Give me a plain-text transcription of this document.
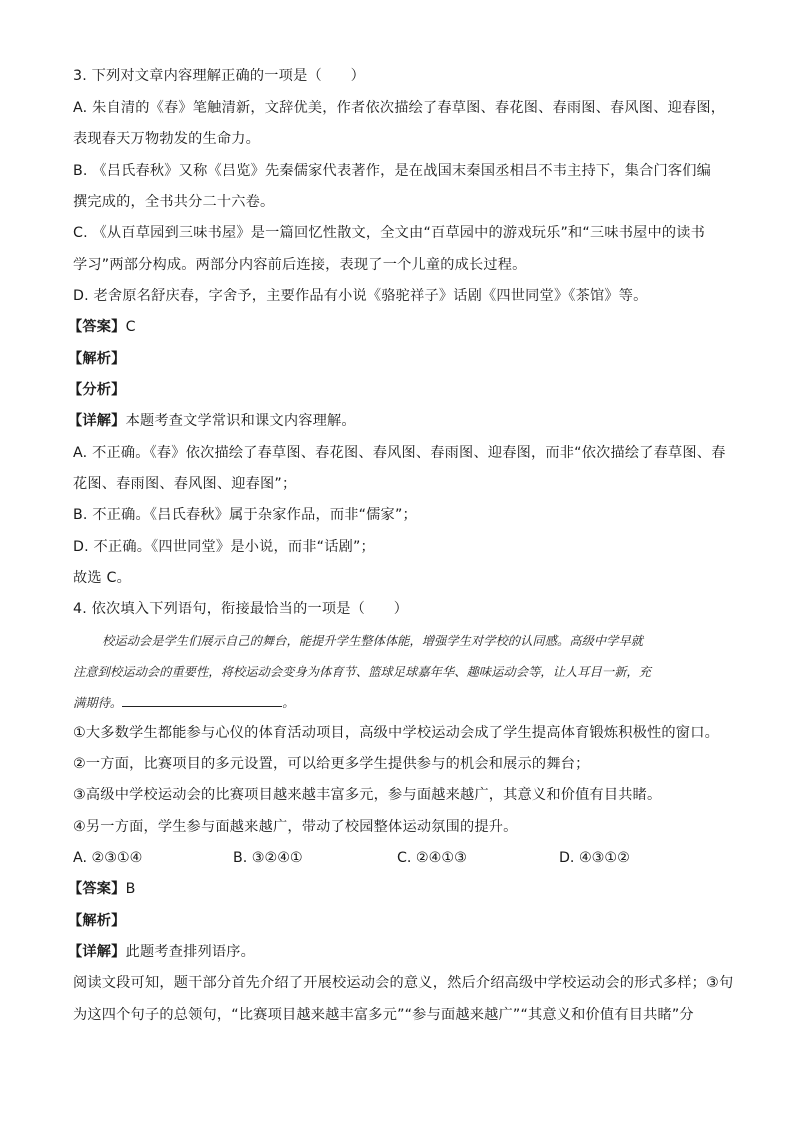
3. 下列对文章内容理解正确的一项是（　　）
A. 朱自清的《春》笔触清新，文辞优美，作者依次描绘了春草图、春花图、春雨图、春风图、迎春图，
表现春天万物勃发的生命力。
B. 《吕氏春秋》又称《吕览》先秦儒家代表著作，是在战国末秦国丞相吕不韦主持下，集合门客们编
撰完成的，全书共分二十六卷。
C. 《从百草园到三味书屋》是一篇回忆性散文，全文由“百草园中的游戏玩乐”和“三味书屋中的读书
学习”两部分构成。两部分内容前后连接，表现了一个儿童的成长过程。
D. 老舍原名舒庆春，字舍予，主要作品有小说《骆驼祥子》话剧《四世同堂》《茶馆》等。
【答案】C
【解析】
【分析】
【详解】本题考查文学常识和课文内容理解。
A. 不正确。《春》依次描绘了春草图、春花图、春风图、春雨图、迎春图，而非“依次描绘了春草图、春
花图、春雨图、春风图、迎春图”；
B. 不正确。《吕氏春秋》属于杂家作品，而非“儒家”；
D. 不正确。《四世同堂》是小说，而非“话剧”；
故选 C。
4. 依次填入下列语句，衔接最恰当的一项是（　　）
校运动会是学生们展示自己的舞台，能提升学生整体体能，增强学生对学校的认同感。高级中学早就
注意到校运动会的重要性，将校运动会变身为体育节、篮球足球嘉年华、趣味运动会等，让人耳目一新，充
满期待。	。
①大多数学生都能参与心仪的体育活动项目，高级中学校运动会成了学生提高体育锻炼积极性的窗口。
②一方面，比赛项目的多元设置，可以给更多学生提供参与的机会和展示的舞台；
③高级中学校运动会的比赛项目越来越丰富多元，参与面越来越广，其意义和价值有目共睹。
④另一方面，学生参与面越来越广，带动了校园整体运动氛围的提升。
A. ②③①④	B. ③②④①	C. ②④①③	D. ④③①②
【答案】B
【解析】
【详解】此题考查排列语序。
阅读文段可知，题干部分首先介绍了开展校运动会的意义，然后介绍高级中学校运动会的形式多样；③句
为这四个句子的总领句，“比赛项目越来越丰富多元”“参与面越来越广”“其意义和价值有目共睹”分
